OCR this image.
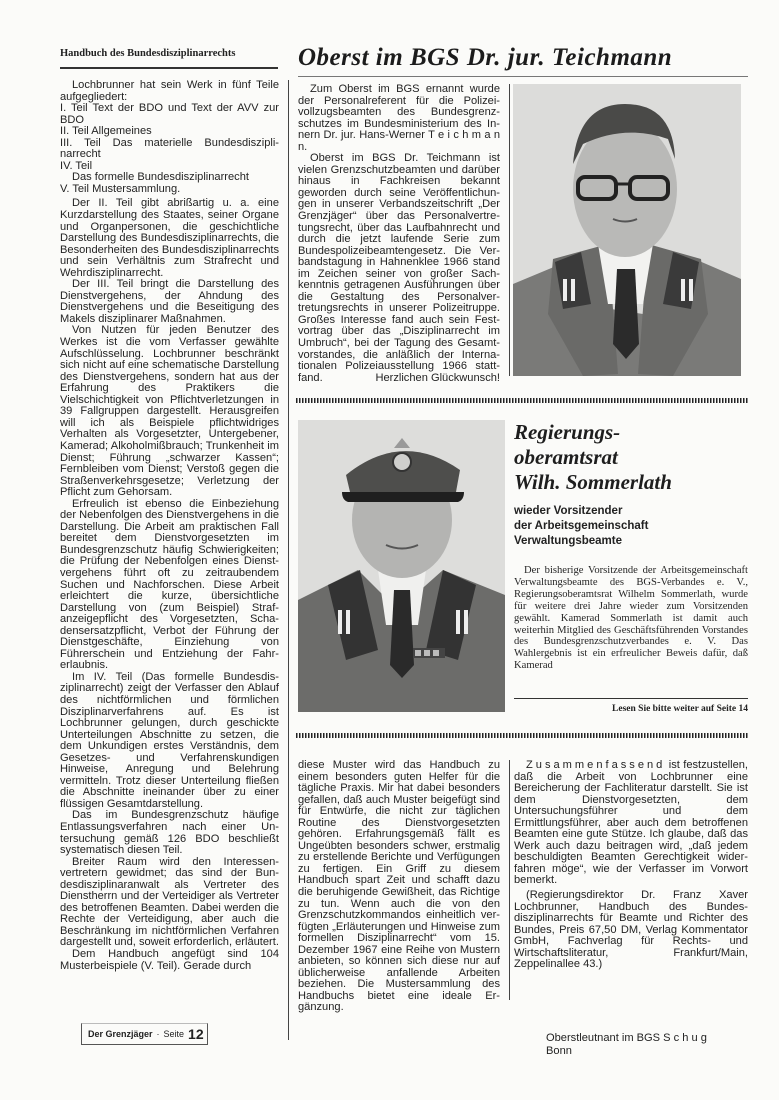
Handbuch des Bundesdisziplinarrechts

Lochbrunner hat sein Werk in fünf Teile aufgegliedert:

I. Teil Text der BDO und Text der AVV zur BDO
II. Teil Allgemeines
III. Teil Das materielle Bundesdisziplinarrecht
IV. Teil

Das formelle Bundesdisziplinarrecht

V. Teil Mustersammlung.

Der II. Teil gibt abrißartig u. a. eine Kurzdarstellung des Staates, seiner Organe und Organpersonen, die geschichtliche Darstellung des Bundesdisziplinarrechts, die Besonderheiten des Bundesdisziplinarrechts und sein Verhältnis zum Strafrecht und Wehrdisziplinarrecht.

Der III. Teil bringt die Darstellung des Dienstvergehens, der Ahndung des Dienstvergehens und die Beseitigung des Makels disziplinarer Maßnahmen.

Von Nutzen für jeden Benutzer des Werkes ist die vom Verfasser gewählte Aufschlüsselung. Lochbrunner beschränkt sich nicht auf eine schematische Darstellung des Dienstvergehens, sondern hat aus der Erfahrung des Praktikers die Vielschichtigkeit von Pflichtverletzungen in 39 Fallgruppen dargestellt. Herausgreifen will ich als Beispiele pflichtwidriges Verhalten als Vorgesetzter, Untergebener, Kamerad; Alkoholmißbrauch; Trunkenheit im Dienst; Führung „schwarzer Kassen“; Fernbleiben vom Dienst; Verstoß gegen die Straßenverkehrsgesetze; Verletzung der Pflicht zum Gehorsam.

Erfreulich ist ebenso die Einbeziehung der Nebenfolgen des Dienstvergehens in die Darstellung. Die Arbeit am praktischen Fall bereitet dem Dienstvorgesetzten im Bundesgrenzschutz häufig Schwierigkeiten; die Prüfung der Nebenfolgen eines Dienstvergehens führt oft zu zeitraubendem Suchen und Nachforschen. Diese Arbeit erleichtert die kurze, übersichtliche Darstellung von (zum Beispiel) Strafanzeigepflicht des Vorgesetzten, Schadensersatzpflicht, Verbot der Führung der Dienstgeschäfte, Einziehung von Führerschein und Entziehung der Fahrerlaubnis.

Im IV. Teil (Das formelle Bundesdisziplinarrecht) zeigt der Verfasser den Ablauf des nichtförmlichen und förmlichen Disziplinarverfahrens auf. Es ist Lochbrunner gelungen, durch geschickte Unterteilungen Abschnitte zu setzen, die dem Unkundigen erstes Verständnis, dem Gesetzes- und Verfahrenskundigen Hinweise, Anregung und Belehrung vermitteln. Trotz dieser Unterteilung fließen die Abschnitte ineinander über zu einer flüssigen Gesamtdarstellung.

Das im Bundesgrenzschutz häufige Entlassungsverfahren nach einer Untersuchung gemäß 126 BDO beschließt systematisch diesen Teil.

Breiter Raum wird den Interessenvertretern gewidmet; das sind der Bundesdisziplinaranwalt als Vertreter des Dienstherrn und der Verteidiger als Vertreter des betroffenen Beamten. Dabei werden die Rechte der Verteidigung, aber auch die Beschränkung im nichtförmlichen Verfahren dargestellt und, soweit erforderlich, erläutert.

Dem Handbuch angefügt sind 104 Musterbeispiele (V. Teil). Gerade durch

Oberst im BGS Dr. jur. Teichmann

Zum Oberst im BGS ernannt wurde der Personalreferent für die Polizeivollzugsbeamten des Bundesgrenzschutzes im Bundesministerium des Innern Dr. jur. Hans-Werner T e i c h m a n n.

Oberst im BGS Dr. Teichmann ist vielen Grenzschutzbeamten und darüber hinaus in Fachkreisen bekannt geworden durch seine Veröffentlichungen in unserer Verbandszeitschrift „Der Grenzjäger“ über das Personalvertretungsrecht, über das Laufbahnrecht und durch die jetzt laufende Serie zum Bundespolizeibeamtengesetz. Die Verbandstagung in Hahnenklee 1966 stand im Zeichen seiner von großer Sachkenntnis getragenen Ausführungen über die Gestaltung des Personalvertretungsrechts in unserer Polizeitruppe. Großes Interesse fand auch sein Festvortrag über das „Disziplinarrecht im Umbruch“, bei der Tagung des Gesamtvorstandes, die anläßlich der Internationalen Polizeiausstellung 1966 stattfand.	Herzlichen Glückwunsch!
Regierungs-
oberamtsrat
Wilh. Sommerlath
wieder Vorsitzender
der Arbeitsgemeinschaft
Verwaltungsbeamte

Der bisherige Vorsitzende der Arbeitsgemeinschaft Verwaltungsbeamte des BGS-Verbandes e. V., Regierungsoberamtsrat Wilhelm Sommerlath, wurde für weitere drei Jahre wieder zum Vorsitzenden gewählt. Kamerad Sommerlath ist damit auch weiterhin Mitglied des Geschäftsführenden Vorstandes des Bundesgrenzschutzverbandes e. V. Das Wahlergebnis ist ein erfreulicher Beweis dafür, daß Kamerad

Lesen Sie bitte weiter auf Seite 14

diese Muster wird das Handbuch zu einem besonders guten Helfer für die tägliche Praxis. Mir hat dabei besonders gefallen, daß auch Muster beigefügt sind für Entwürfe, die nicht zur täglichen Routine des Dienstvorgesetzten gehören. Erfahrungsgemäß fällt es Ungeübten besonders schwer, erstmalig zu erstellende Berichte und Verfügungen zu fertigen. Ein Griff zu diesem Handbuch spart Zeit und schafft dazu die beruhigende Gewißheit, das Richtige zu tun. Wenn auch die von den Grenzschutzkommandos einheitlich verfügten „Erläuterungen und Hinweise zum formellen Disziplinarrecht“ vom 15. Dezember 1967 eine Reihe von Mustern anbieten, so können sich diese nur auf üblicherweise anfallende Arbeiten beziehen. Die Mustersammlung des Handbuchs bietet eine ideale Ergänzung.

Zusammenfassend ist festzustellen, daß die Arbeit von Lochbrunner eine Bereicherung der Fachliteratur darstellt. Sie ist dem Dienstvorgesetzten, dem Untersuchungsführer und dem Ermittlungsführer, aber auch dem betroffenen Beamten eine gute Stütze. Ich glaube, daß das Werk auch dazu beitragen wird, „daß jedem beschuldigten Beamten Gerechtigkeit widerfahren möge“, wie der Verfasser im Vorwort bemerkt.

(Regierungsdirektor Dr. Franz Xaver Lochbrunner, Handbuch des Bundesdisziplinarrechts für Beamte und Richter des Bundes, Preis 67,50 DM, Verlag Kommentator GmbH, Fachverlag für Rechts- und Wirtschaftsliteratur, Frankfurt/Main, Zeppelinallee 43.)

Oberstleutnant im BGS S c h u g
Bonn
Der Grenzjäger · Seite 12
